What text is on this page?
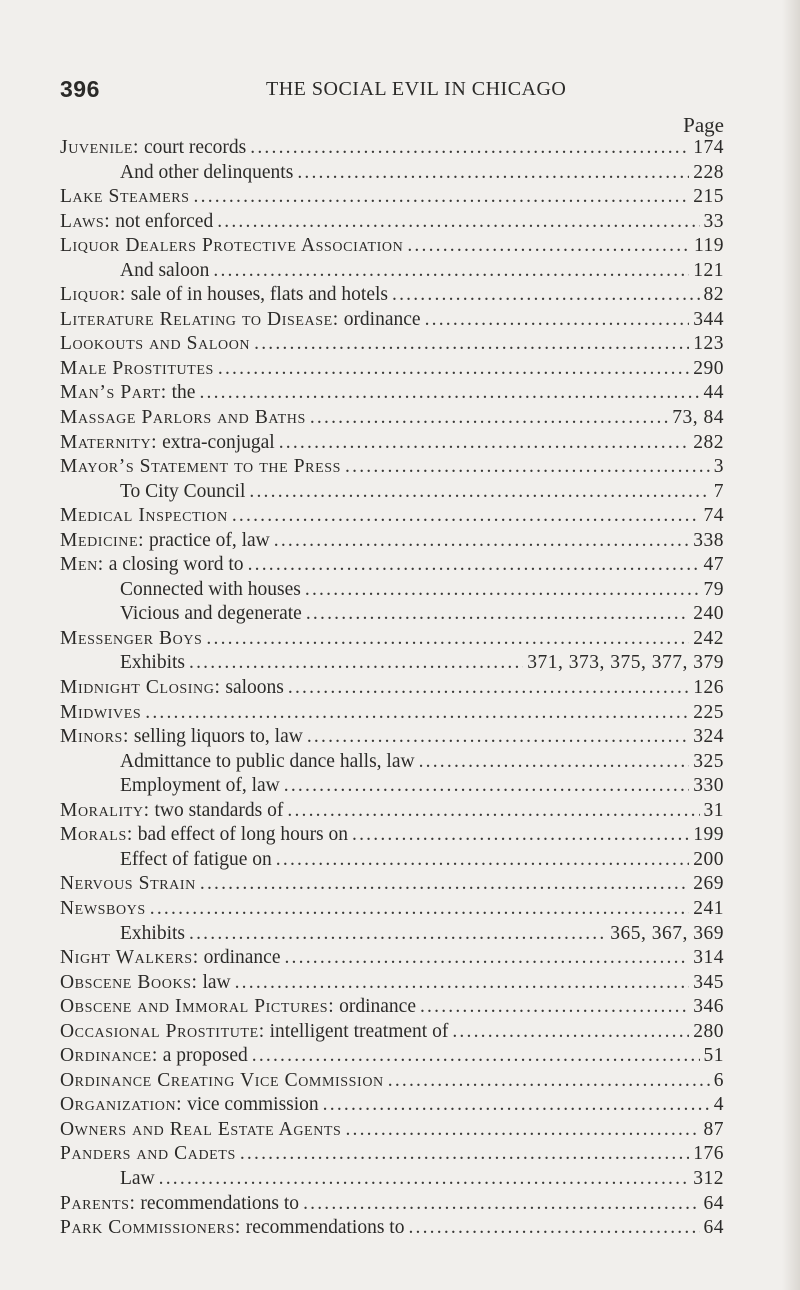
396	THE SOCIAL EVIL IN CHICAGO
Page
Juvenile: court records .....	174
And other delinquents .....	228
Lake Steamers .....	215
Laws: not enforced .....	33
Liquor Dealers Protective Association .....	119
And saloon .....	121
Liquor: sale of in houses, flats and hotels .....	82
Literature Relating to Disease: ordinance .....	344
Lookouts and Saloon .....	123
Male Prostitutes .....	290
Man’s Part: the .....	44
Massage Parlors and Baths .....	73, 84
Maternity: extra-conjugal .....	282
Mayor’s Statement to the Press .....	3
To City Council .....	7
Medical Inspection .....	74
Medicine: practice of, law .....	338
Men: a closing word to .....	47
Connected with houses .....	79
Vicious and degenerate .....	240
Messenger Boys .....	242
Exhibits .....	371, 373, 375, 377, 379
Midnight Closing: saloons .....	126
Midwives .....	225
Minors: selling liquors to, law .....	324
Admittance to public dance halls, law .....	325
Employment of, law .....	330
Morality: two standards of .....	31
Morals: bad effect of long hours on .....	199
Effect of fatigue on .....	200
Nervous Strain .....	269
Newsboys .....	241
Exhibits .....	365, 367, 369
Night Walkers: ordinance .....	314
Obscene Books: law .....	345
Obscene and Immoral Pictures: ordinance .....	346
Occasional Prostitute: intelligent treatment of .....	280
Ordinance: a proposed .....	51
Ordinance Creating Vice Commission .....	6
Organization: vice commission .....	4
Owners and Real Estate Agents .....	87
Panders and Cadets .....	176
Law .....	312
Parents: recommendations to .....	64
Park Commissioners: recommendations to .....	64
